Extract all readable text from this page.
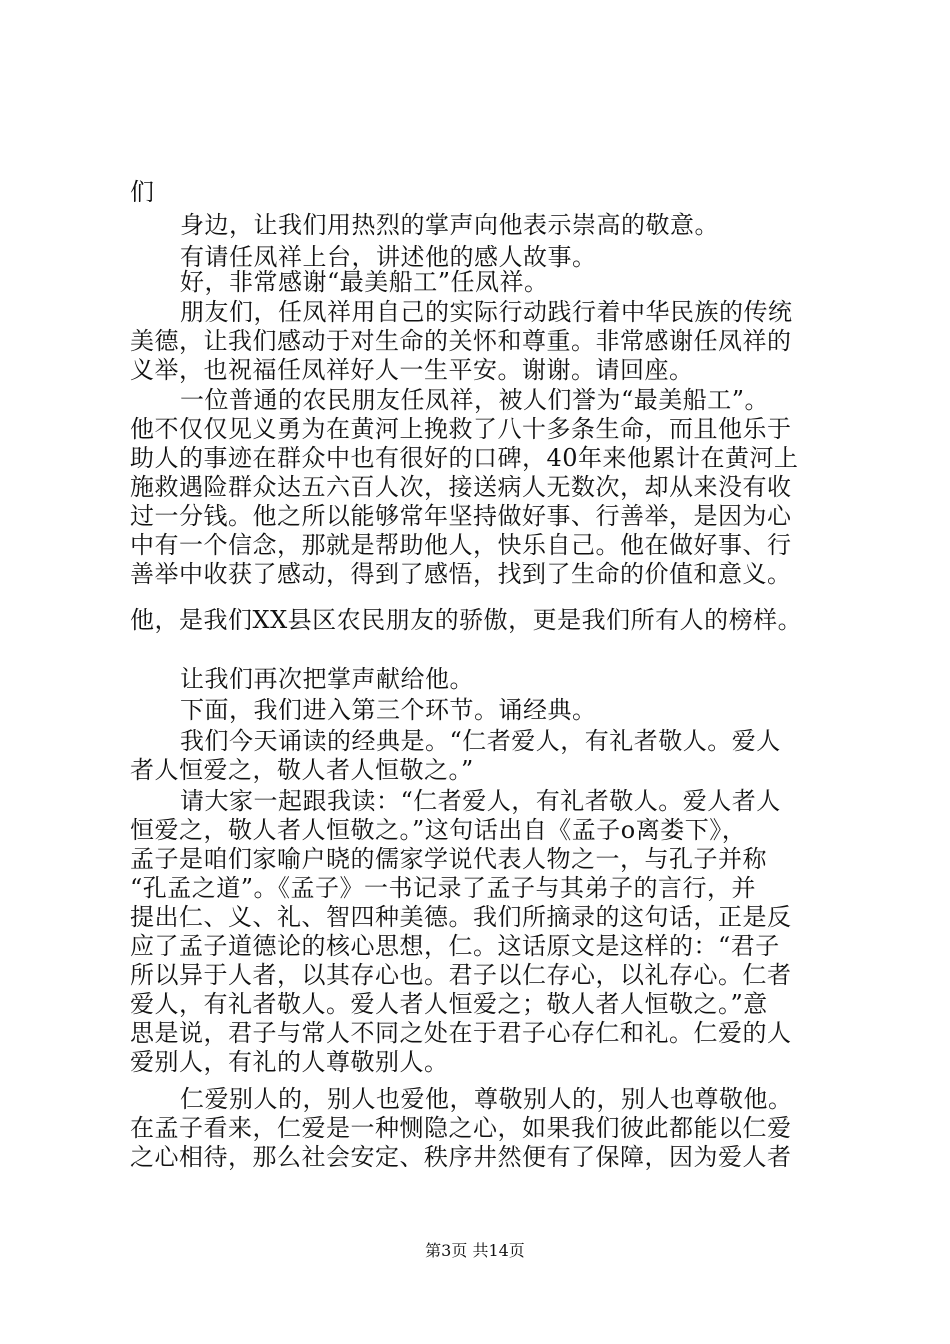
们

身边，让我们用热烈的掌声向他表示崇高的敬意。

有请任凤祥上台，讲述他的感人故事。

好，非常感谢“最美船工”任凤祥。

朋友们，任凤祥用自己的实际行动践行着中华民族的传统

美德，让我们感动于对生命的关怀和尊重。非常感谢任凤祥的

义举，也祝福任凤祥好人一生平安。谢谢。请回座。

一位普通的农民朋友任凤祥，被人们誉为“最美船工”。

他不仅仅见义勇为在黄河上挽救了八十多条生命，而且他乐于

助人的事迹在群众中也有很好的口碑，40年来他累计在黄河上

施救遇险群众达五六百人次，接送病人无数次，却从来没有收

过一分钱。他之所以能够常年坚持做好事、行善举，是因为心

中有一个信念，那就是帮助他人，快乐自己。他在做好事、行

善举中收获了感动，得到了感悟，找到了生命的价值和意义。

他，是我们XX县区农民朋友的骄傲，更是我们所有人的榜样。

让我们再次把掌声献给他。

下面，我们进入第三个环节。诵经典。

我们今天诵读的经典是。“仁者爱人，有礼者敬人。爱人

者人恒爱之，敬人者人恒敬之。”

请大家一起跟我读：“仁者爱人，有礼者敬人。爱人者人

恒爱之，敬人者人恒敬之。”这句话出自《孟子o离娄下》，

孟子是咱们家喻户晓的儒家学说代表人物之一，与孔子并称

“孔孟之道”。《孟子》一书记录了孟子与其弟子的言行，并

提出仁、义、礼、智四种美德。我们所摘录的这句话，正是反

应了孟子道德论的核心思想，仁。这话原文是这样的：“君子

所以异于人者，以其存心也。君子以仁存心，以礼存心。仁者

爱人，有礼者敬人。爱人者人恒爱之；敬人者人恒敬之。”意

思是说，君子与常人不同之处在于君子心存仁和礼。仁爱的人

爱别人，有礼的人尊敬别人。

仁爱别人的，别人也爱他，尊敬别人的，别人也尊敬他。

在孟子看来，仁爱是一种恻隐之心，如果我们彼此都能以仁爱

之心相待，那么社会安定、秩序井然便有了保障，因为爱人者

第3页 共14页
